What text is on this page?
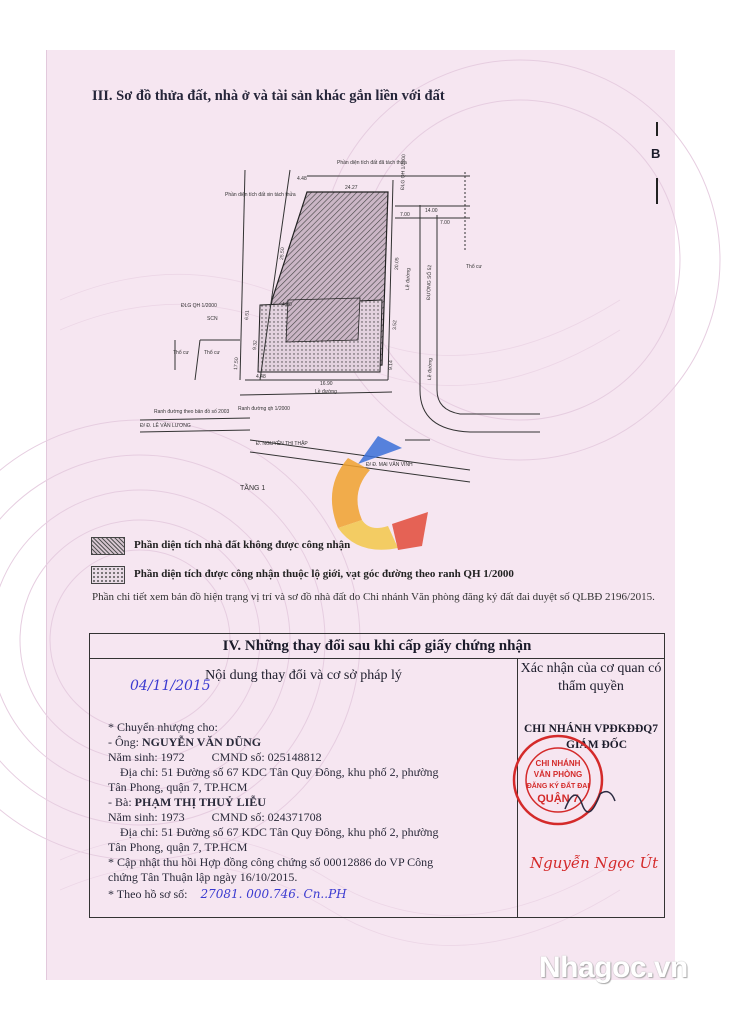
III. Sơ đồ thửa đất, nhà ở và tài sản khác gắn liền với đất
B
Phần diện tích đất đã tách thửa
Phần diện tích đất xin tách thửa
ĐLG QH 1/2000
ĐLG QH 1/2000
SCN
Thổ cư	Thổ cư
Thổ cư
Lề đường
Lề đường
Lề đường
ĐƯỜNG SỐ 52
Ranh đường theo bản đồ số 2003 Ranh đường qh 1/2000
Đ/ Đ. LÊ VĂN LƯƠNG
Đ. NGUYỄN THỊ THẬP
Đ/ Đ. MAI VĂN VĨNH
TẦNG 1
4.48
24.27
14.00
7.00
7.00
25.50
20.05
3.52
9.32
4.48
16.90
9.14
6.51
17.50
4.00
Phần diện tích nhà đất không được công nhận
Phần diện tích được công nhận thuộc lộ giới, vạt góc đường theo ranh QH 1/2000
Phần chi tiết xem bản đồ hiện trạng vị trí và sơ đồ nhà đất do Chi nhánh Văn phòng đăng ký đất đai duyệt số QLBĐ 2196/2015.
IV. Những thay đổi sau khi cấp giấy chứng nhận
Nội dung thay đổi và cơ sở pháp lý	Xác nhận của cơ quan có thẩm quyền
04/11/2015
* Chuyển nhượng cho:
- Ông: NGUYỄN VĂN DŨNG
Năm sinh: 1972 CMND số: 025148812
Địa chỉ: 51 Đường số 67 KDC Tân Quy Đông, khu phố 2, phường
Tân Phong, quận 7, TP.HCM
- Bà: PHẠM THỊ THUỶ LIỄU
Năm sinh: 1973 CMND số: 024371708
Địa chỉ: 51 Đường số 67 KDC Tân Quy Đông, khu phố 2, phường
Tân Phong, quận 7, TP.HCM
* Cập nhật thu hồi Hợp đồng công chứng số 00012886 do VP Công
chứng Tân Thuận lập ngày 16/10/2015.
* Theo hồ sơ số: 27081. 000.746. Cn..PH
CHI NHÁNH VPĐKĐĐQ7
GIÁM ĐỐC
CHI NHÁNH
VĂN PHÒNG
ĐĂNG KÝ ĐẤT ĐAI
QUẬN 7
Nguyễn Ngọc Út
Nhagoc.vn
